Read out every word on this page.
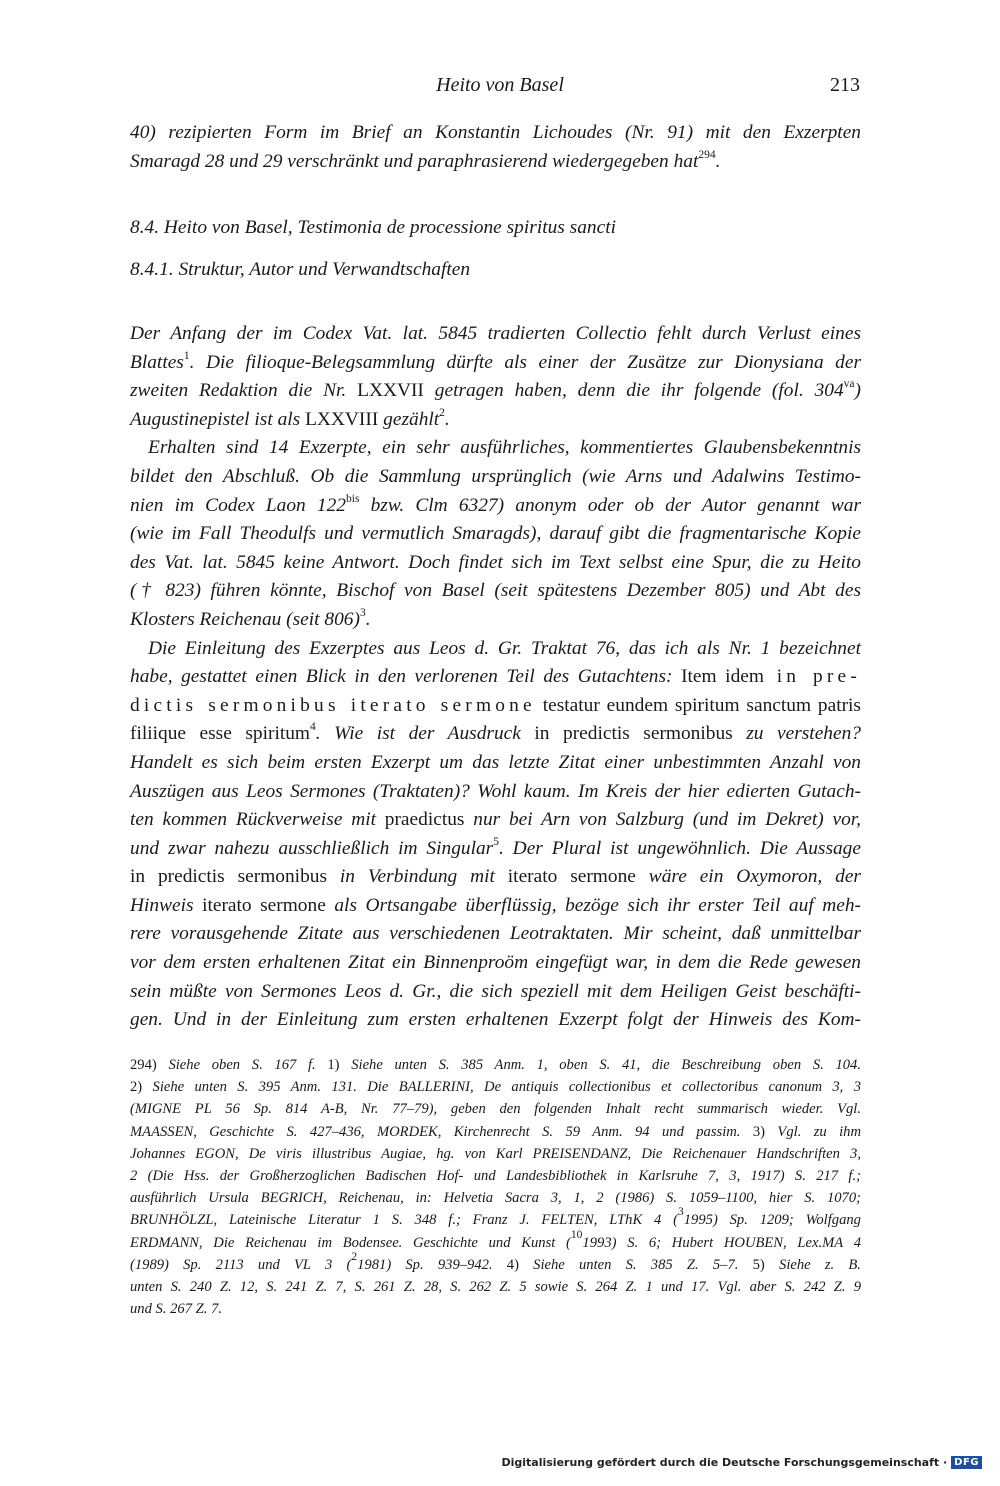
Heito von Basel	213
40) rezipierten Form im Brief an Konstantin Lichoudes (Nr. 91) mit den Exzerpten
Smaragd 28 und 29 verschränkt und paraphrasierend wiedergegeben hat$^{294}$.
8.4. Heito von Basel, Testimonia de processione spiritus sancti
8.4.1. Struktur, Autor und Verwandtschaften
Der Anfang der im Codex Vat. lat. 5845 tradierten Collectio fehlt durch Verlust eines
Blattes$^1$. Die filioque-Belegsammlung dürfte als einer der Zusätze zur Dionysiana der
zweiten Redaktion die Nr. LXXVII getragen haben, denn die ihr folgende (fol. $304^{va}$)
Augustinepistel ist als LXXVIII gezählt$^2$.
Erhalten sind 14 Exzerpte, ein sehr ausführliches, kommentiertes Glaubensbekenntnis
bildet den Abschluß. Ob die Sammlung ursprünglich (wie Arns und Adalwins Testimo-
nien im Codex Laon $122^{bis}$ bzw. Clm 6327) anonym oder ob der Autor genannt war
(wie im Fall Theodulfs und vermutlich Smaragds), darauf gibt die fragmentarische Kopie
des Vat. lat. 5845 keine Antwort. Doch findet sich im Text selbst eine Spur, die zu Heito
(† 823) führen könnte, Bischof von Basel (seit spätestens Dezember 805) und Abt des
Klosters Reichenau (seit 806)$^3$.
Die Einleitung des Exzerptes aus Leos d. Gr. Traktat 76, das ich als Nr. 1 bezeichnet
habe, gestattet einen Blick in den verlorenen Teil des Gutachtens: Item idem in pre-
dictis sermonibus iterato sermone testatur eundem spiritum sanctum patris
filiique esse spiritum$^4$. Wie ist der Ausdruck in predictis sermonibus zu verstehen?
Handelt es sich beim ersten Exzerpt um das letzte Zitat einer unbestimmten Anzahl von
Auszügen aus Leos Sermones (Traktaten)? Wohl kaum. Im Kreis der hier edierten Gutach-
ten kommen Rückverweise mit praedictus nur bei Arn von Salzburg (und im Dekret) vor,
und zwar nahezu ausschließlich im Singular$^5$. Der Plural ist ungewöhnlich. Die Aussage
in predictis sermonibus in Verbindung mit iterato sermone wäre ein Oxymoron, der
Hinweis iterato sermone als Ortsangabe überflüssig, bezöge sich ihr erster Teil auf meh-
rere vorausgehende Zitate aus verschiedenen Leotraktaten. Mir scheint, daß unmittelbar
vor dem ersten erhaltenen Zitat ein Binnenproöm eingefügt war, in dem die Rede gewesen
sein müßte von Sermones Leos d. Gr., die sich speziell mit dem Heiligen Geist beschäfti-
gen. Und in der Einleitung zum ersten erhaltenen Exzerpt folgt der Hinweis des Kom-
294) Siehe oben S. 167 f. 1) Siehe unten S. 385 Anm. 1, oben S. 41, die Beschreibung oben S. 104.
2) Siehe unten S. 395 Anm. 131. Die BALLERINI, De antiquis collectionibus et collectoribus canonum 3, 3
(MIGNE PL 56 Sp. 814 A-B, Nr. 77–79), geben den folgenden Inhalt recht summarisch wieder. Vgl.
MAASSEN, Geschichte S. 427–436, MORDEK, Kirchenrecht S. 59 Anm. 94 und passim. 3) Vgl. zu ihm
Johannes EGON, De viris illustribus Augiae, hg. von Karl PREISENDANZ, Die Reichenauer Handschriften 3,
2 (Die Hss. der Großherzoglichen Badischen Hof- und Landesbibliothek in Karlsruhe 7, 3, 1917) S. 217 f.;
ausführlich Ursula BEGRICH, Reichenau, in: Helvetia Sacra 3, 1, 2 (1986) S. 1059–1100, hier S. 1070;
BRUNHÖLZL, Lateinische Literatur 1 S. 348 f.; Franz J. FELTEN, LThK 4 ($^3$1995) Sp. 1209; Wolfgang
ERDMANN, Die Reichenau im Bodensee. Geschichte und Kunst ($^{10}$1993) S. 6; Hubert HOUBEN, Lex.MA 4
(1989) Sp. 2113 und VL 3 ($^2$1981) Sp. 939–942. 4) Siehe unten S. 385 Z. 5–7. 5) Siehe z. B.
unten S. 240 Z. 12, S. 241 Z. 7, S. 261 Z. 28, S. 262 Z. 5 sowie S. 264 Z. 1 und 17. Vgl. aber S. 242 Z. 9
und S. 267 Z. 7.
Digitalisierung gefördert durch die Deutsche Forschungsgemeinschaft · DFG
